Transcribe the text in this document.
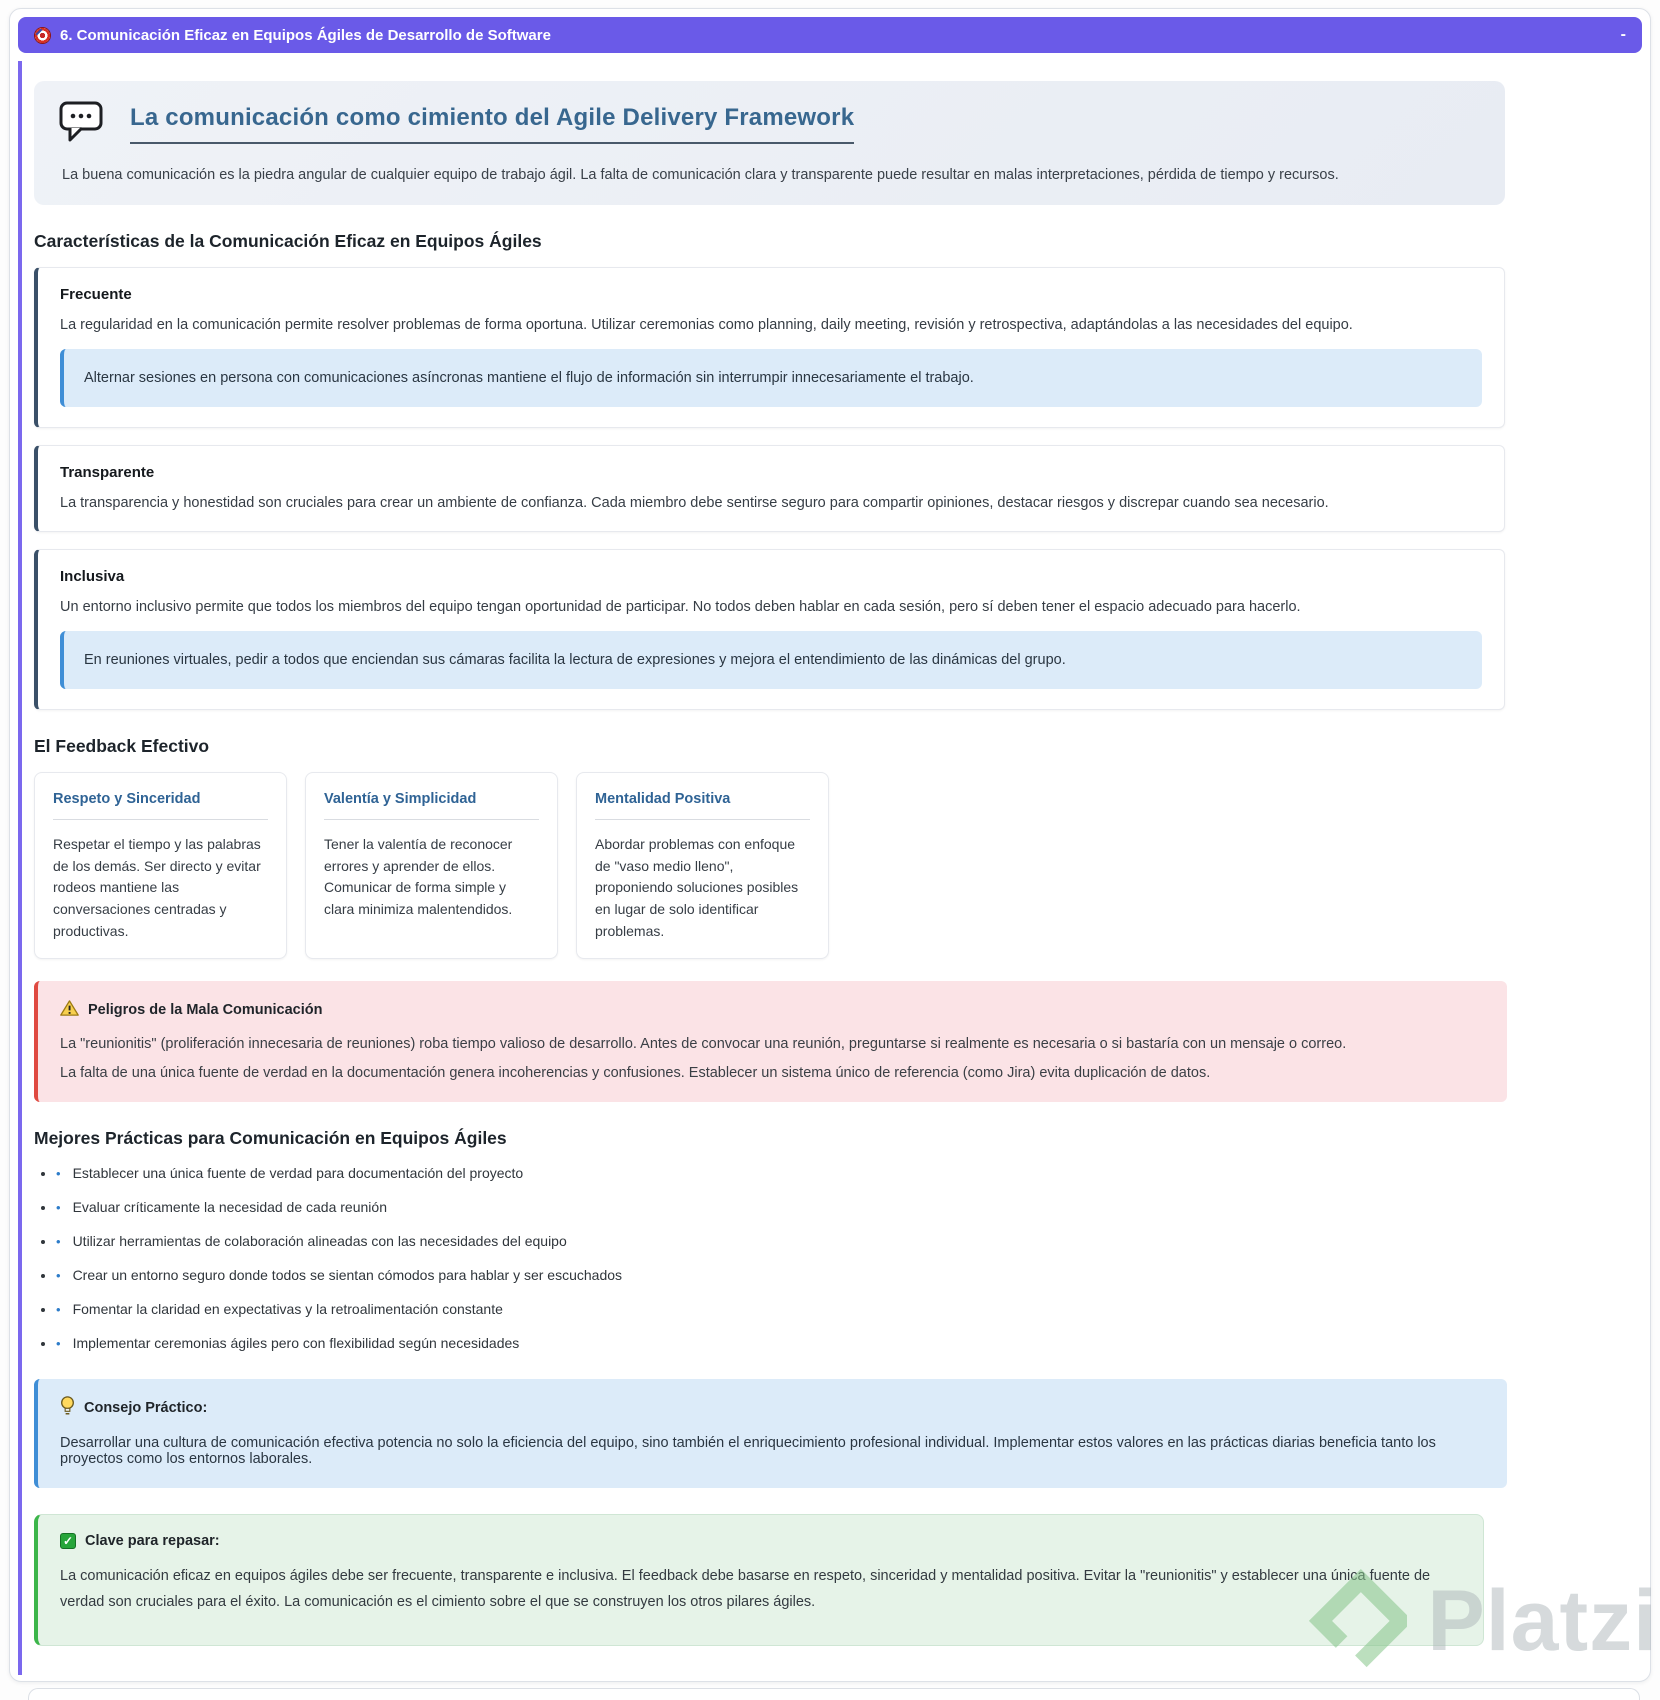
6. Comunicación Eficaz en Equipos Ágiles de Desarrollo de Software	-
La comunicación como cimiento del Agile Delivery Framework

La buena comunicación es la piedra angular de cualquier equipo de trabajo ágil. La falta de comunicación clara y transparente puede resultar en malas interpretaciones, pérdida de tiempo y recursos.

Características de la Comunicación Eficaz en Equipos Ágiles
Frecuente

La regularidad en la comunicación permite resolver problemas de forma oportuna. Utilizar ceremonias como planning, daily meeting, revisión y retrospectiva, adaptándolas a las necesidades del equipo.

Alternar sesiones en persona con comunicaciones asíncronas mantiene el flujo de información sin interrumpir innecesariamente el trabajo.
Transparente

La transparencia y honestidad son cruciales para crear un ambiente de confianza. Cada miembro debe sentirse seguro para compartir opiniones, destacar riesgos y discrepar cuando sea necesario.

Inclusiva

Un entorno inclusivo permite que todos los miembros del equipo tengan oportunidad de participar. No todos deben hablar en cada sesión, pero sí deben tener el espacio adecuado para hacerlo.

En reuniones virtuales, pedir a todos que enciendan sus cámaras facilita la lectura de expresiones y mejora el entendimiento de las dinámicas del grupo.
El Feedback Efectivo
Respeto y Sinceridad

Respetar el tiempo y las palabras de los demás. Ser directo y evitar rodeos mantiene las conversaciones centradas y productivas.

Valentía y Simplicidad

Tener la valentía de reconocer errores y aprender de ellos. Comunicar de forma simple y clara minimiza malentendidos.

Mentalidad Positiva

Abordar problemas con enfoque de "vaso medio lleno", proponiendo soluciones posibles en lugar de solo identificar problemas.

Peligros de la Mala Comunicación

La "reunionitis" (proliferación innecesaria de reuniones) roba tiempo valioso de desarrollo. Antes de convocar una reunión, preguntarse si realmente es necesaria o si bastaría con un mensaje o correo.

La falta de una única fuente de verdad en la documentación genera incoherencias y confusiones. Establecer un sistema único de referencia (como Jira) evita duplicación de datos.

Mejores Prácticas para Comunicación en Equipos Ágiles
• • Establecer una única fuente de verdad para documentación del proyecto
• • Evaluar críticamente la necesidad de cada reunión
• • Utilizar herramientas de colaboración alineadas con las necesidades del equipo
• • Crear un entorno seguro donde todos se sientan cómodos para hablar y ser escuchados
• • Fomentar la claridad en expectativas y la retroalimentación constante
• • Implementar ceremonias ágiles pero con flexibilidad según necesidades
Consejo Práctico:

Desarrollar una cultura de comunicación efectiva potencia no solo la eficiencia del equipo, sino también el enriquecimiento profesional individual. Implementar estos valores en las prácticas diarias beneficia tanto los proyectos como los entornos laborales.

✓ Clave para repasar:

La comunicación eficaz en equipos ágiles debe ser frecuente, transparente e inclusiva. El feedback debe basarse en respeto, sinceridad y mentalidad positiva. Evitar la "reunionitis" y establecer una única fuente de verdad son cruciales para el éxito. La comunicación es el cimiento sobre el que se construyen los otros pilares ágiles.	Platzi
